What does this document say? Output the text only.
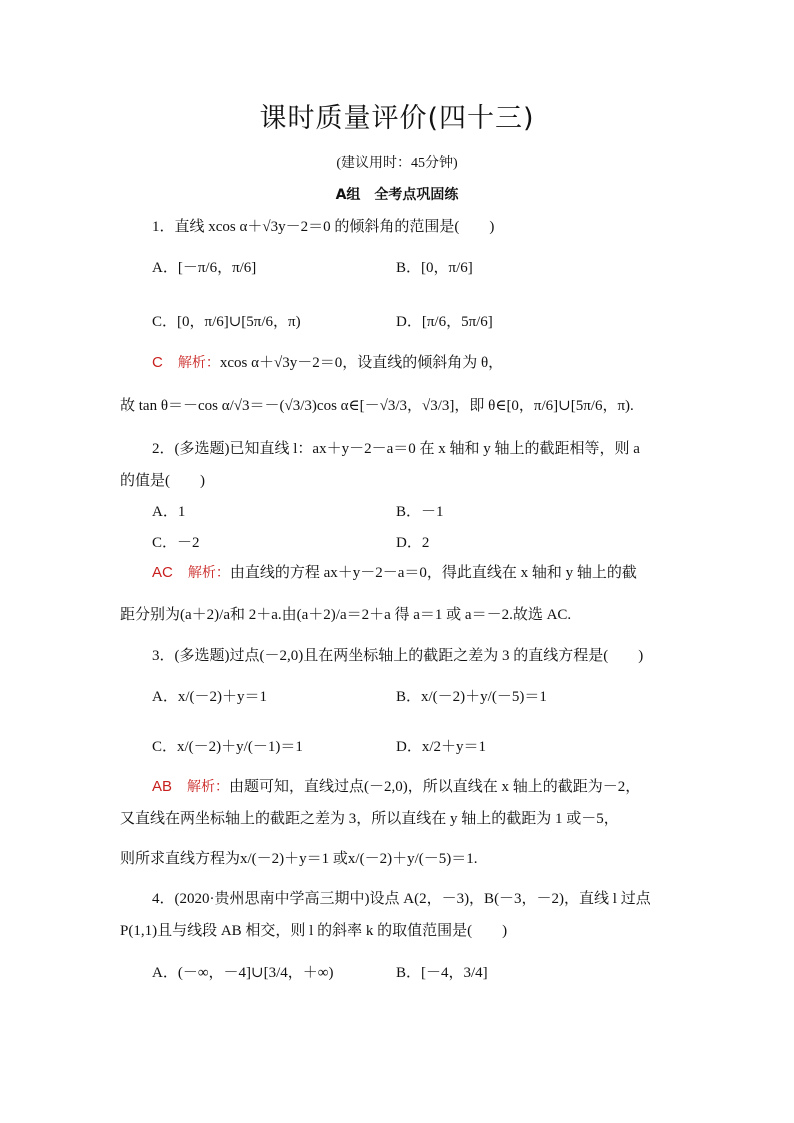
课时质量评价(四十三)
(建议用时：45分钟)
A组　全考点巩固练
1．直线 xcos α＋√3y－2＝0 的倾斜角的范围是(　　)
A．[－π/6，π/6]	B．[0，π/6]
C．[0，π/6]∪[5π/6，π)	D．[π/6，5π/6]
C　 解析：xcos α＋√3y－2＝0，设直线的倾斜角为 θ，
故 tan θ＝－cos α/√3＝－(√3/3)cos α∈[－√3/3，√3/3]，即 θ∈[0，π/6]∪[5π/6，π).
2．(多选题)已知直线 l：ax＋y－2－a＝0 在 x 轴和 y 轴上的截距相等，则 a
的值是(　　)
A．1	B．－1
C．－2	D．2
AC　 解析：由直线的方程 ax＋y－2－a＝0，得此直线在 x 轴和 y 轴上的截
距分别为(a＋2)/a和 2＋a.由(a＋2)/a＝2＋a 得 a＝1 或 a＝－2.故选 AC.
3．(多选题)过点(－2,0)且在两坐标轴上的截距之差为 3 的直线方程是(　　)
A．x/(－2)＋y＝1	B．x/(－2)＋y/(－5)＝1
C．x/(－2)＋y/(－1)＝1	D．x/2＋y＝1
AB　 解析：由题可知，直线过点(－2,0)，所以直线在 x 轴上的截距为－2，
又直线在两坐标轴上的截距之差为 3，所以直线在 y 轴上的截距为 1 或－5，
则所求直线方程为x/(－2)＋y＝1 或x/(－2)＋y/(－5)＝1.
4．(2020·贵州思南中学高三期中)设点 A(2，－3)，B(－3，－2)，直线 l 过点
P(1,1)且与线段 AB 相交，则 l 的斜率 k 的取值范围是(　　)
A．(－∞，－4]∪[3/4，＋∞)	B．[－4，3/4]
